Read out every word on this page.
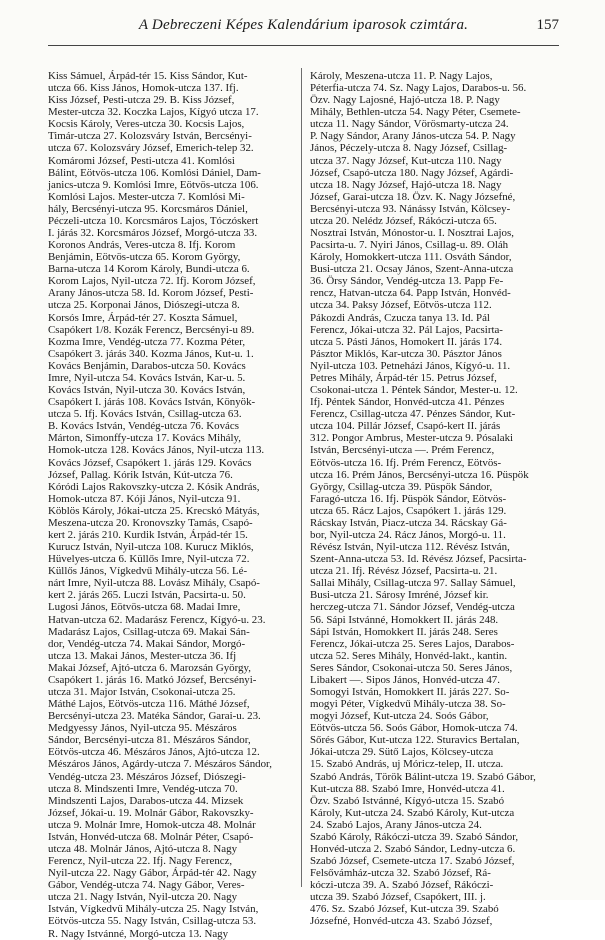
A Debreczeni Képes Kalendárium iparosok czimtára.	157
Kiss Sámuel, Árpád-tér 15. Kiss Sándor, Kut-
utcza 66. Kiss János, Homok-utcza 137. Ifj.
Kiss József, Pesti-utcza 29. B. Kiss József,
Mester-utcza 32. Koczka Lajos, Kígyó utcza 17.
Kocsis Károly, Veres-utcza 30. Kocsis Lajos,
Timár-utcza 27. Kolozsváry István, Bercsényi-
utcza 67. Kolozsváry József, Emerich-telep 32.
Komáromi József, Pesti-utcza 41. Komlósi
Bálint, Eötvös-utcza 106. Komlósi Dániel, Dam-
janics-utcza 9. Komlósi Imre, Eötvös-utcza 106.
Komlósi Lajos. Mester-utcza 7. Komlósi Mi-
hály, Bercsényi-utcza 95. Korcsmáros Dániel,
Péczeli-utcza 10. Korcsmáros Lajos, Tóczóskert
I. járás 32. Korcsmáros József, Morgó-utcza 33.
Koronos András, Veres-utcza 8. Ifj. Korom
Benjámin, Eötvös-utcza 65. Korom György,
Barna-utcza 14 Korom Károly, Bundi-utcza 6.
Korom Lajos, Nyil-utcza 72. Ifj. Korom József,
Arany János-utcza 58. Id. Korom József, Pesti-
utcza 25. Korponai János, Diószegi-utcza 8.
Korsós Imre, Árpád-tér 27. Koszta Sámuel,
Csapókert 1/8. Kozák Ferencz, Bercsényi-u 89.
Kozma Imre, Vendég-utcza 77. Kozma Péter,
Csapókert 3. járás 340. Kozma János, Kut-u. 1.
Kovács Benjámin, Darabos-utcza 50. Kovács
Imre, Nyil-utcza 54. Kovács István, Kar-u. 5.
Kovács István, Nyil-utcza 30. Kovács István,
Csapókert I. járás 108. Kovács István, Könyök-
utcza 5. Ifj. Kovács István, Csillag-utcza 63.
B. Kovács István, Vendég-utcza 76. Kovács
Márton, Simonffy-utcza 17. Kovács Mihály,
Homok-utcza 128. Kovács János, Nyil-utcza 113.
Kovács József, Csapókert 1. járás 129. Kovács
József, Pallag. Kórik István, Kút-utcza 76.
Kóródi Lajos Rakovszky-utcza 2. Kósik András,
Homok-utcza 87. Kóji János, Nyil-utcza 91.
Köblös Károly, Jókai-utcza 25. Krecskó Mátyás,
Meszena-utcza 20. Kronovszky Tamás, Csapó-
kert 2. járás 210. Kurdik István, Árpád-tér 15.
Kurucz István, Nyil-utcza 108. Kurucz Miklós,
Hüvelyes-utcza 6. Küllős Imre, Nyil-utcza 72.
Küllős János, Vígkedvű Mihály-utcza 56. Lé-
nárt Imre, Nyil-utcza 88. Lovász Mihály, Csapó-
kert 2. járás 265. Luczi István, Pacsirta-u. 50.
Lugosi János, Eötvös-utcza 68. Madai Imre,
Hatvan-utcza 62. Madarász Ferencz, Kígyó-u. 23.
Madarász Lajos, Csillag-utcza 69. Makai Sán-
dor, Vendég-utcza 74. Makai Sándor, Morgó-
utcza 13. Makai János, Mester-utcza 36. Ifj
Makai József, Ajtó-utcza 6. Marozsán György,
Csapókert 1. járás 16. Matkó József, Bercsényi-
utcza 31. Major István, Csokonai-utcza 25.
Máthé Lajos, Eötvös-utcza 116. Máthé József,
Bercsényi-utcza 23. Matéka Sándor, Garai-u. 23.
Medgyessy János, Nyil-utcza 95. Mészáros
Sándor, Bercsényi-utcza 81. Mészáros Sándor,
Eötvös-utcza 46. Mészáros János, Ajtó-utcza 12.
Mészáros János, Agárdy-utcza 7. Mészáros Sándor,
Vendég-utcza 23. Mészáros József, Diószegi-
utcza 8. Mindszenti Imre, Vendég-utcza 70.
Mindszenti Lajos, Darabos-utcza 44. Mizsek
József, Jókai-u. 19. Molnár Gábor, Rakovszky-
utcza 9. Molnár Imre, Homok-utcza 48. Molnár
István, Honvéd-utcza 68. Molnár Péter, Csapó-
utcza 48. Molnár János, Ajtó-utcza 8. Nagy
Ferencz, Nyil-utcza 22. Ifj. Nagy Ferencz,
Nyil-utcza 22. Nagy Gábor, Árpád-tér 42. Nagy
Gábor, Vendég-utcza 74. Nagy Gábor, Veres-
utcza 21. Nagy István, Nyil-utcza 20. Nagy
István, Vígkedvű Mihály-utcza 25. Nagy István,
Eötvös-utcza 55. Nagy István, Csillag-utcza 53.
R. Nagy Istvánné, Morgó-utcza 13. Nagy
Károly, Meszena-utcza 11. P. Nagy Lajos,
Péterfia-utcza 74. Sz. Nagy Lajos, Darabos-u. 56.
Özv. Nagy Lajosné, Hajó-utcza 18. P. Nagy
Mihály, Bethlen-utcza 54. Nagy Péter, Csemete-
utcza 11. Nagy Sándor, Vörösmarty-utcza 24.
P. Nagy Sándor, Arany János-utcza 54. P. Nagy
János, Péczely-utcza 8. Nagy József, Csillag-
utcza 37. Nagy József, Kut-utcza 110. Nagy
József, Csapó-utcza 180. Nagy József, Agárdi-
utcza 18. Nagy József, Hajó-utcza 18. Nagy
József, Garai-utcza 18. Özv. K. Nagy Józsefné,
Bercsényi-utcza 93. Nánássy István, Kölcsey-
utcza 20. Nelédz József, Rákóczi-utcza 65.
Nosztrai István, Mónostor-u. I. Nosztrai Lajos,
Pacsirta-u. 7. Nyiri János, Csillag-u. 89. Oláh
Károly, Homokkert-utcza 111. Osváth Sándor,
Busi-utcza 21. Ocsay János, Szent-Anna-utcza
36. Örsy Sándor, Vendég-utcza 13. Papp Fe-
rencz, Hatvan-utcza 64. Papp István, Honvéd-
utcza 34. Paksy József, Eötvös-utcza 112.
Pákozdi András, Czucza tanya 13. Id. Pál
Ferencz, Jókai-utcza 32. Pál Lajos, Pacsirta-
utcza 5. Pásti János, Homokert II. járás 174.
Pásztor Miklós, Kar-utcza 30. Pásztor János
Nyil-utcza 103. Petneházi János, Kígyó-u. 11.
Petres Mihály, Árpád-tér 15. Petrus József,
Csokonai-utcza 1. Péntek Sándor, Mester-u. 12.
Ifj. Péntek Sándor, Honvéd-utcza 41. Pénzes
Ferencz, Csillag-utcza 47. Pénzes Sándor, Kut-
utcza 104. Pillár József, Csapó-kert II. járás
312. Pongor Ambrus, Mester-utcza 9. Pósalaki
István, Bercsényi-utcza —. Prém Ferencz,
Eötvös-utcza 16. Ifj. Prém Ferencz, Eötvös-
utcza 16. Prém János, Bercsényi-utcza 16. Püspök
György, Csillag-utcza 39. Püspök Sándor,
Faragó-utcza 16. Ifj. Püspök Sándor, Eötvös-
utcza 65. Rácz Lajos, Csapókert 1. járás 129.
Rácskay István, Piacz-utcza 34. Rácskay Gá-
bor, Nyil-utcza 24. Rácz János, Morgó-u. 11.
Révész István, Nyil-utcza 112. Révész István,
Szent-Anna-utcza 53. Id. Révész József, Pacsirta-
utcza 21. Ifj. Révész József, Pacsirta-u. 21.
Sallai Mihály, Csillag-utcza 97. Sallay Sámuel,
Busi-utcza 21. Sárosy Imréné, József kir.
herczeg-utcza 71. Sándor József, Vendég-utcza
56. Sápi Istvánné, Homokkert II. járás 248.
Sápi István, Homokkert II. járás 248. Seres
Ferencz, Jókai-utcza 25. Seres Lajos, Darabos-
utcza 52. Seres Mihály, Honvéd-lakt., kantin.
Seres Sándor, Csokonai-utcza 50. Seres János,
Libakert —. Sipos János, Honvéd-utcza 47.
Somogyi István, Homokkert II. járás 227. So-
mogyi Péter, Vígkedvű Mihály-utcza 38. So-
mogyi József, Kut-utcza 24. Soós Gábor,
Eötvös-utcza 56. Soós Gábor, Homok-utcza 74.
Sőrés Gábor, Kut-utcza 122. Sturavics Bertalan,
Jókai-utcza 29. Sütő Lajos, Kölcsey-utcza
15. Szabó András, uj Móricz-telep, II. utcza.
Szabó András, Török Bálint-utcza 19. Szabó Gábor,
Kut-utcza 88. Szabó Imre, Honvéd-utcza 41.
Özv. Szabó Istvánné, Kígyó-utcza 15. Szabó
Károly, Kut-utcza 24. Szabó Károly, Kut-utcza
24. Szabó Lajos, Arany János-utcza 24.
Szabó Károly, Rákóczi-utcza 39. Szabó Sándor,
Honvéd-utcza 2. Szabó Sándor, Ledny-utcza 6.
Szabó József, Csemete-utcza 17. Szabó József,
Felsővámház-utcza 32. Szabó József, Rá-
kóczi-utcza 39. A. Szabó József, Rákóczi-
utcza 39. Szabó József, Csapókert, III. j.
476. Sz. Szabó József, Kut-utcza 39. Szabó
Józsefné, Honvéd-utcza 43. Szabó József,
